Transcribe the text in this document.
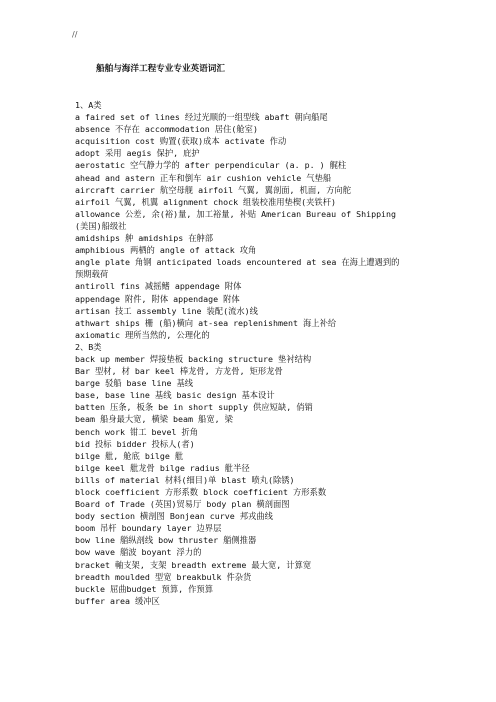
//
船舶与海洋工程专业专业英语词汇
1、A类
a faired set of lines 经过光顺的一组型线 abaft 朝向船尾
absence 不存在 accommodation 居住(舱室)
acquisition cost 购置(获取)成本 activate 作动
adopt 采用 aegis 保护, 庇护
aerostatic 空气静力学的 after perpendicular (a. p. ) 艉柱
ahead and astern 正车和倒车 air cushion vehicle 气垫船
aircraft carrier 航空母舰 airfoil 气翼, 翼剖面, 机面, 方向舵
airfoil 气翼, 机翼 alignment chock 组装校准用垫楔(夹铁杆)
allowance 公差, 余(裕)量, 加工裕量, 补贴 American Bureau of Shipping
(美国)船级社
amidships 舯 amidships 在舯部
amphibious 两栖的 angle of attack 攻角
angle plate 角钢 anticipated loads encountered at sea 在海上遭遇到的
预期载荷
antiroll fins 减摇鳍 appendage 附体
appendage 附件, 附体 appendage 附体
artisan 技工 assembly line 装配(流水)线
athwart ships 栅 (船)横向 at-sea replenishment 海上补给
axiomatic 理所当然的, 公理化的
2、B类
back up member 焊接垫板 backing structure 垫衬结构
Bar 型材, 材 bar keel 棒龙骨, 方龙骨, 矩形龙骨
barge 驳船 base line 基线
base, base line 基线 basic design 基本设计
batten 压条, 板条 be in short supply 供应短缺, 俏销
beam 船身最大宽, 横梁 beam 船宽, 梁
bench work 钳工 bevel 折角
bid 投标 bidder 投标人(者)
bilge 舭, 舱底 bilge 舭
bilge keel 舭龙骨 bilge radius 舭半径
bills of material 材料(细目)单 blast 喷丸(除锈)
block coefficient 方形系数 block coefficient 方形系数
Board of Trade (英国)贸易厅 body plan 横剖面图
body section 横剖图 Bonjean curve 邦戎曲线
boom 吊杆 boundary layer 边界层
bow line 艏纵剖线 bow thruster 艏侧推器
bow wave 艏波 boyant 浮力的
bracket 軸支架, 支架 breadth extreme 最大宽, 计算宽
breadth moulded 型宽 breakbulk 件杂货
buckle 屈曲budget 预算, 作预算
buffer area 缓冲区
